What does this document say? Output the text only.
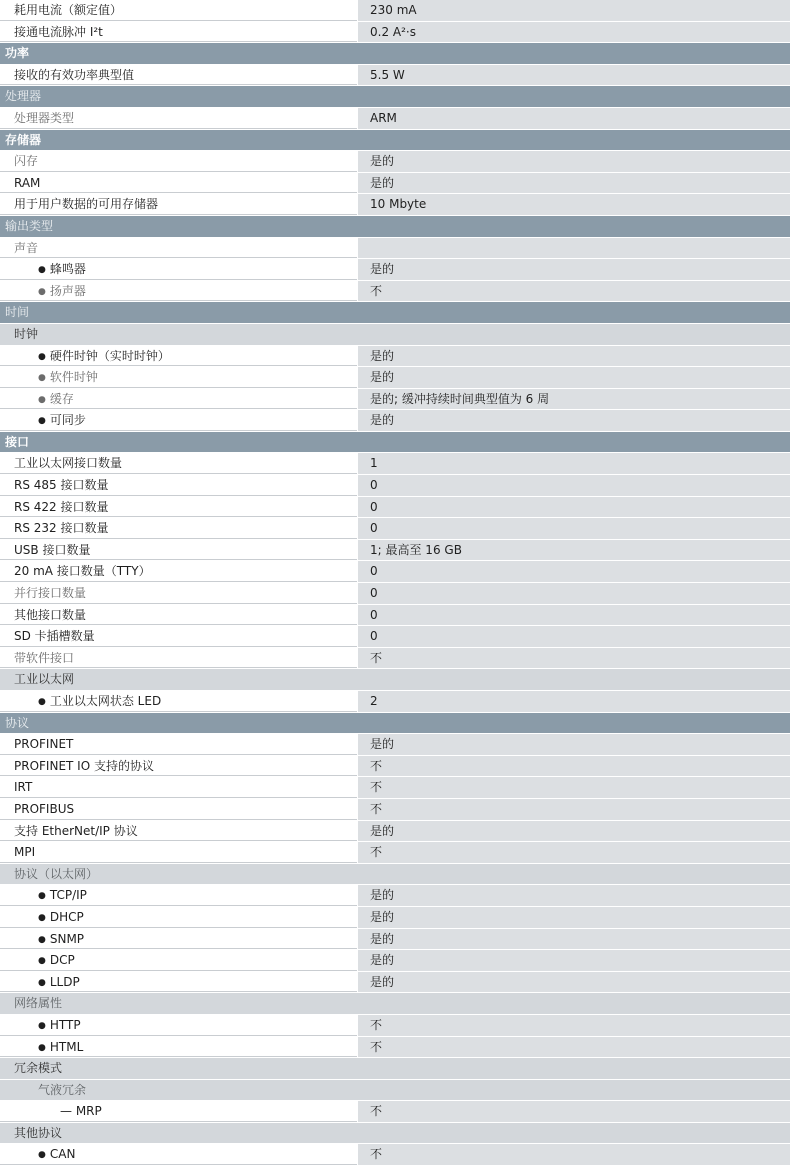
耗用电流（额定值）	230 mA
接通电流脉冲 I²t	0.2 A²·s
功率
接收的有效功率典型值	5.5 W
处理器
处理器类型	ARM
存储器
闪存	是的
RAM	是的
用于用户数据的可用存储器	10 Mbyte
输出类型
声音
● 蜂鸣器	是的
● 扬声器	不
时间
时钟
● 硬件时钟（实时时钟）	是的
● 软件时钟	是的
● 缓存	是的; 缓冲持续时间典型值为 6 周
● 可同步	是的
接口
工业以太网接口数量	1
RS 485 接口数量	0
RS 422 接口数量	0
RS 232 接口数量	0
USB 接口数量	1; 最高至 16 GB
20 mA 接口数量（TTY）	0
并行接口数量	0
其他接口数量	0
SD 卡插槽数量	0
带软件接口	不
工业以太网
● 工业以太网状态 LED	2
协议
PROFINET	是的
PROFINET IO 支持的协议	不
IRT	不
PROFIBUS	不
支持 EtherNet/IP 协议	是的
MPI	不
协议（以太网）
● TCP/IP	是的
● DHCP	是的
● SNMP	是的
● DCP	是的
● LLDP	是的
网络属性
● HTTP	不
● HTML	不
冗余模式
气液冗余
— MRP	不
其他协议
● CAN	不
